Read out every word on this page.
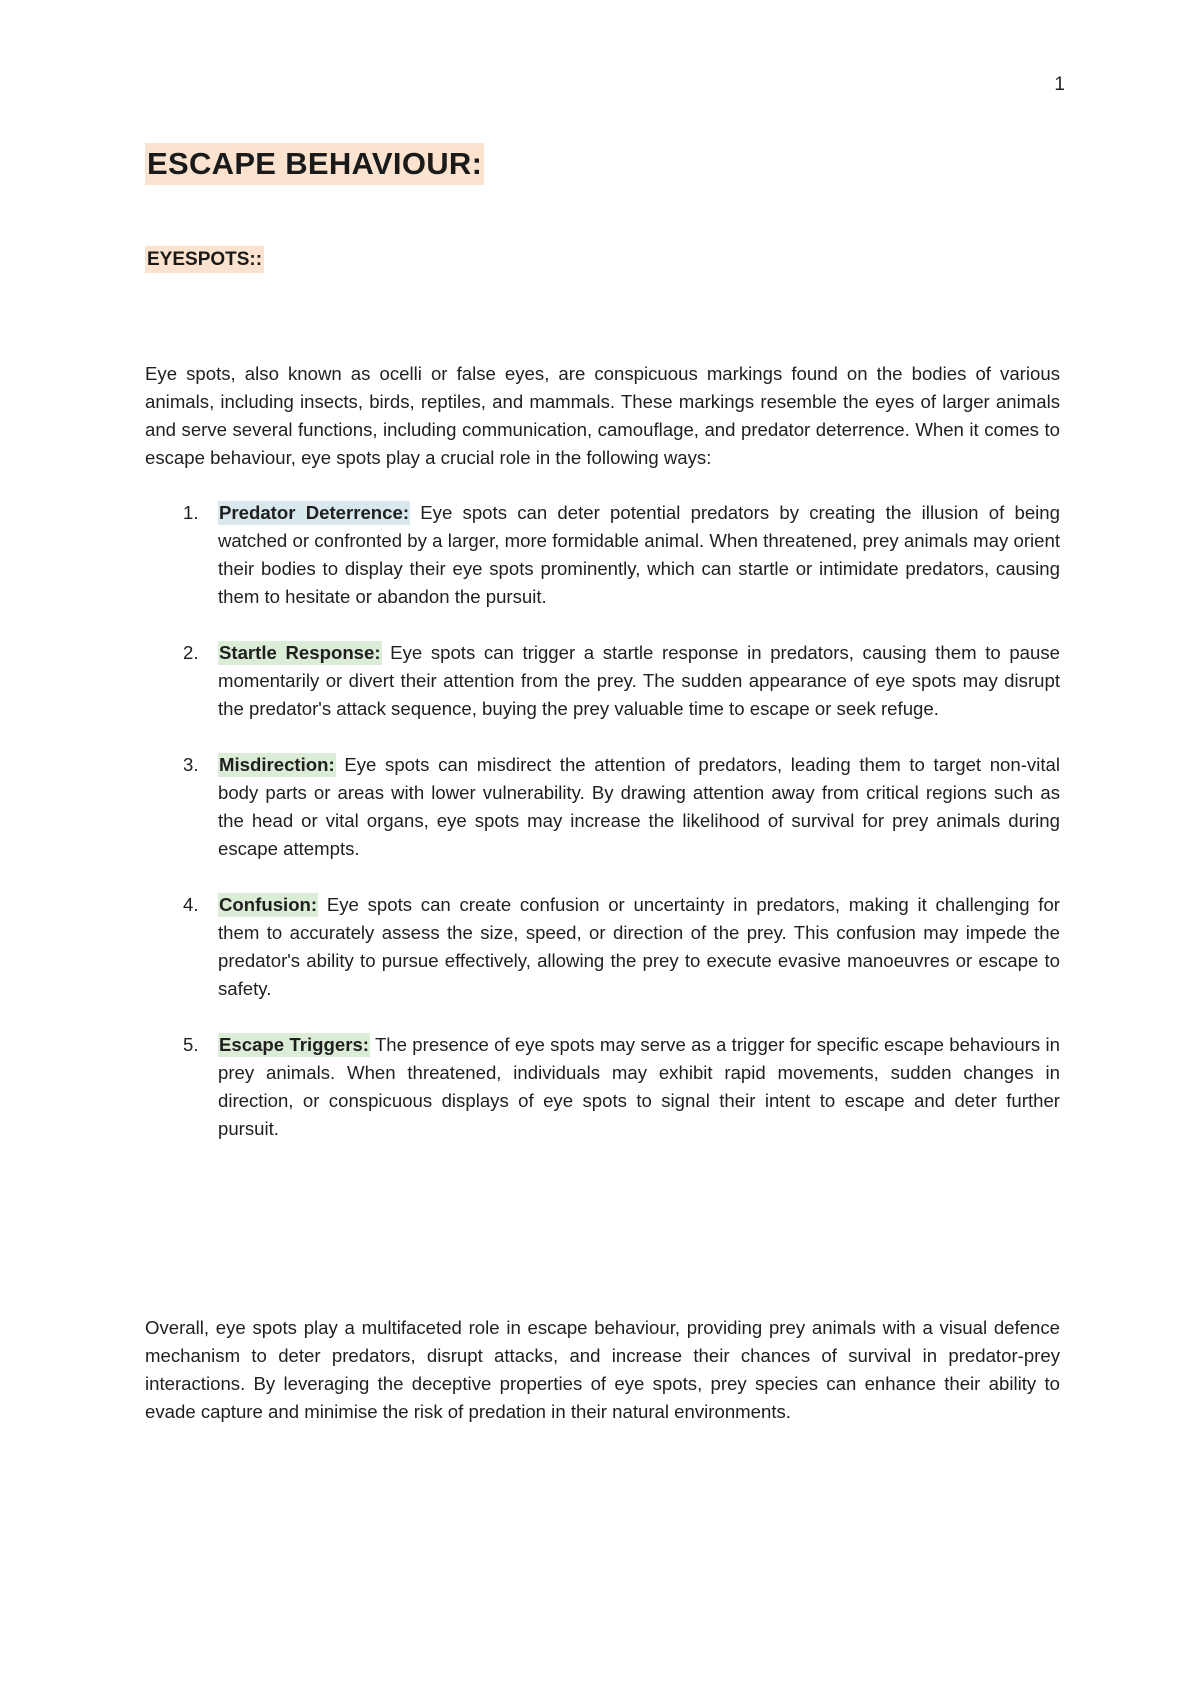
1
ESCAPE BEHAVIOUR:
EYESPOTS::

Eye spots, also known as ocelli or false eyes, are conspicuous markings found on the bodies of various animals, including insects, birds, reptiles, and mammals. These markings resemble the eyes of larger animals and serve several functions, including communication, camouflage, and predator deterrence. When it comes to escape behaviour, eye spots play a crucial role in the following ways:

1. Predator Deterrence: Eye spots can deter potential predators by creating the illusion of being watched or confronted by a larger, more formidable animal. When threatened, prey animals may orient their bodies to display their eye spots prominently, which can startle or intimidate predators, causing them to hesitate or abandon the pursuit.
2. Startle Response: Eye spots can trigger a startle response in predators, causing them to pause momentarily or divert their attention from the prey. The sudden appearance of eye spots may disrupt the predator's attack sequence, buying the prey valuable time to escape or seek refuge.
3. Misdirection: Eye spots can misdirect the attention of predators, leading them to target non-vital body parts or areas with lower vulnerability. By drawing attention away from critical regions such as the head or vital organs, eye spots may increase the likelihood of survival for prey animals during escape attempts.
4. Confusion: Eye spots can create confusion or uncertainty in predators, making it challenging for them to accurately assess the size, speed, or direction of the prey. This confusion may impede the predator's ability to pursue effectively, allowing the prey to execute evasive manoeuvres or escape to safety.
5. Escape Triggers: The presence of eye spots may serve as a trigger for specific escape behaviours in prey animals. When threatened, individuals may exhibit rapid movements, sudden changes in direction, or conspicuous displays of eye spots to signal their intent to escape and deter further pursuit.

Overall, eye spots play a multifaceted role in escape behaviour, providing prey animals with a visual defence mechanism to deter predators, disrupt attacks, and increase their chances of survival in predator-prey interactions. By leveraging the deceptive properties of eye spots, prey species can enhance their ability to evade capture and minimise the risk of predation in their natural environments.
